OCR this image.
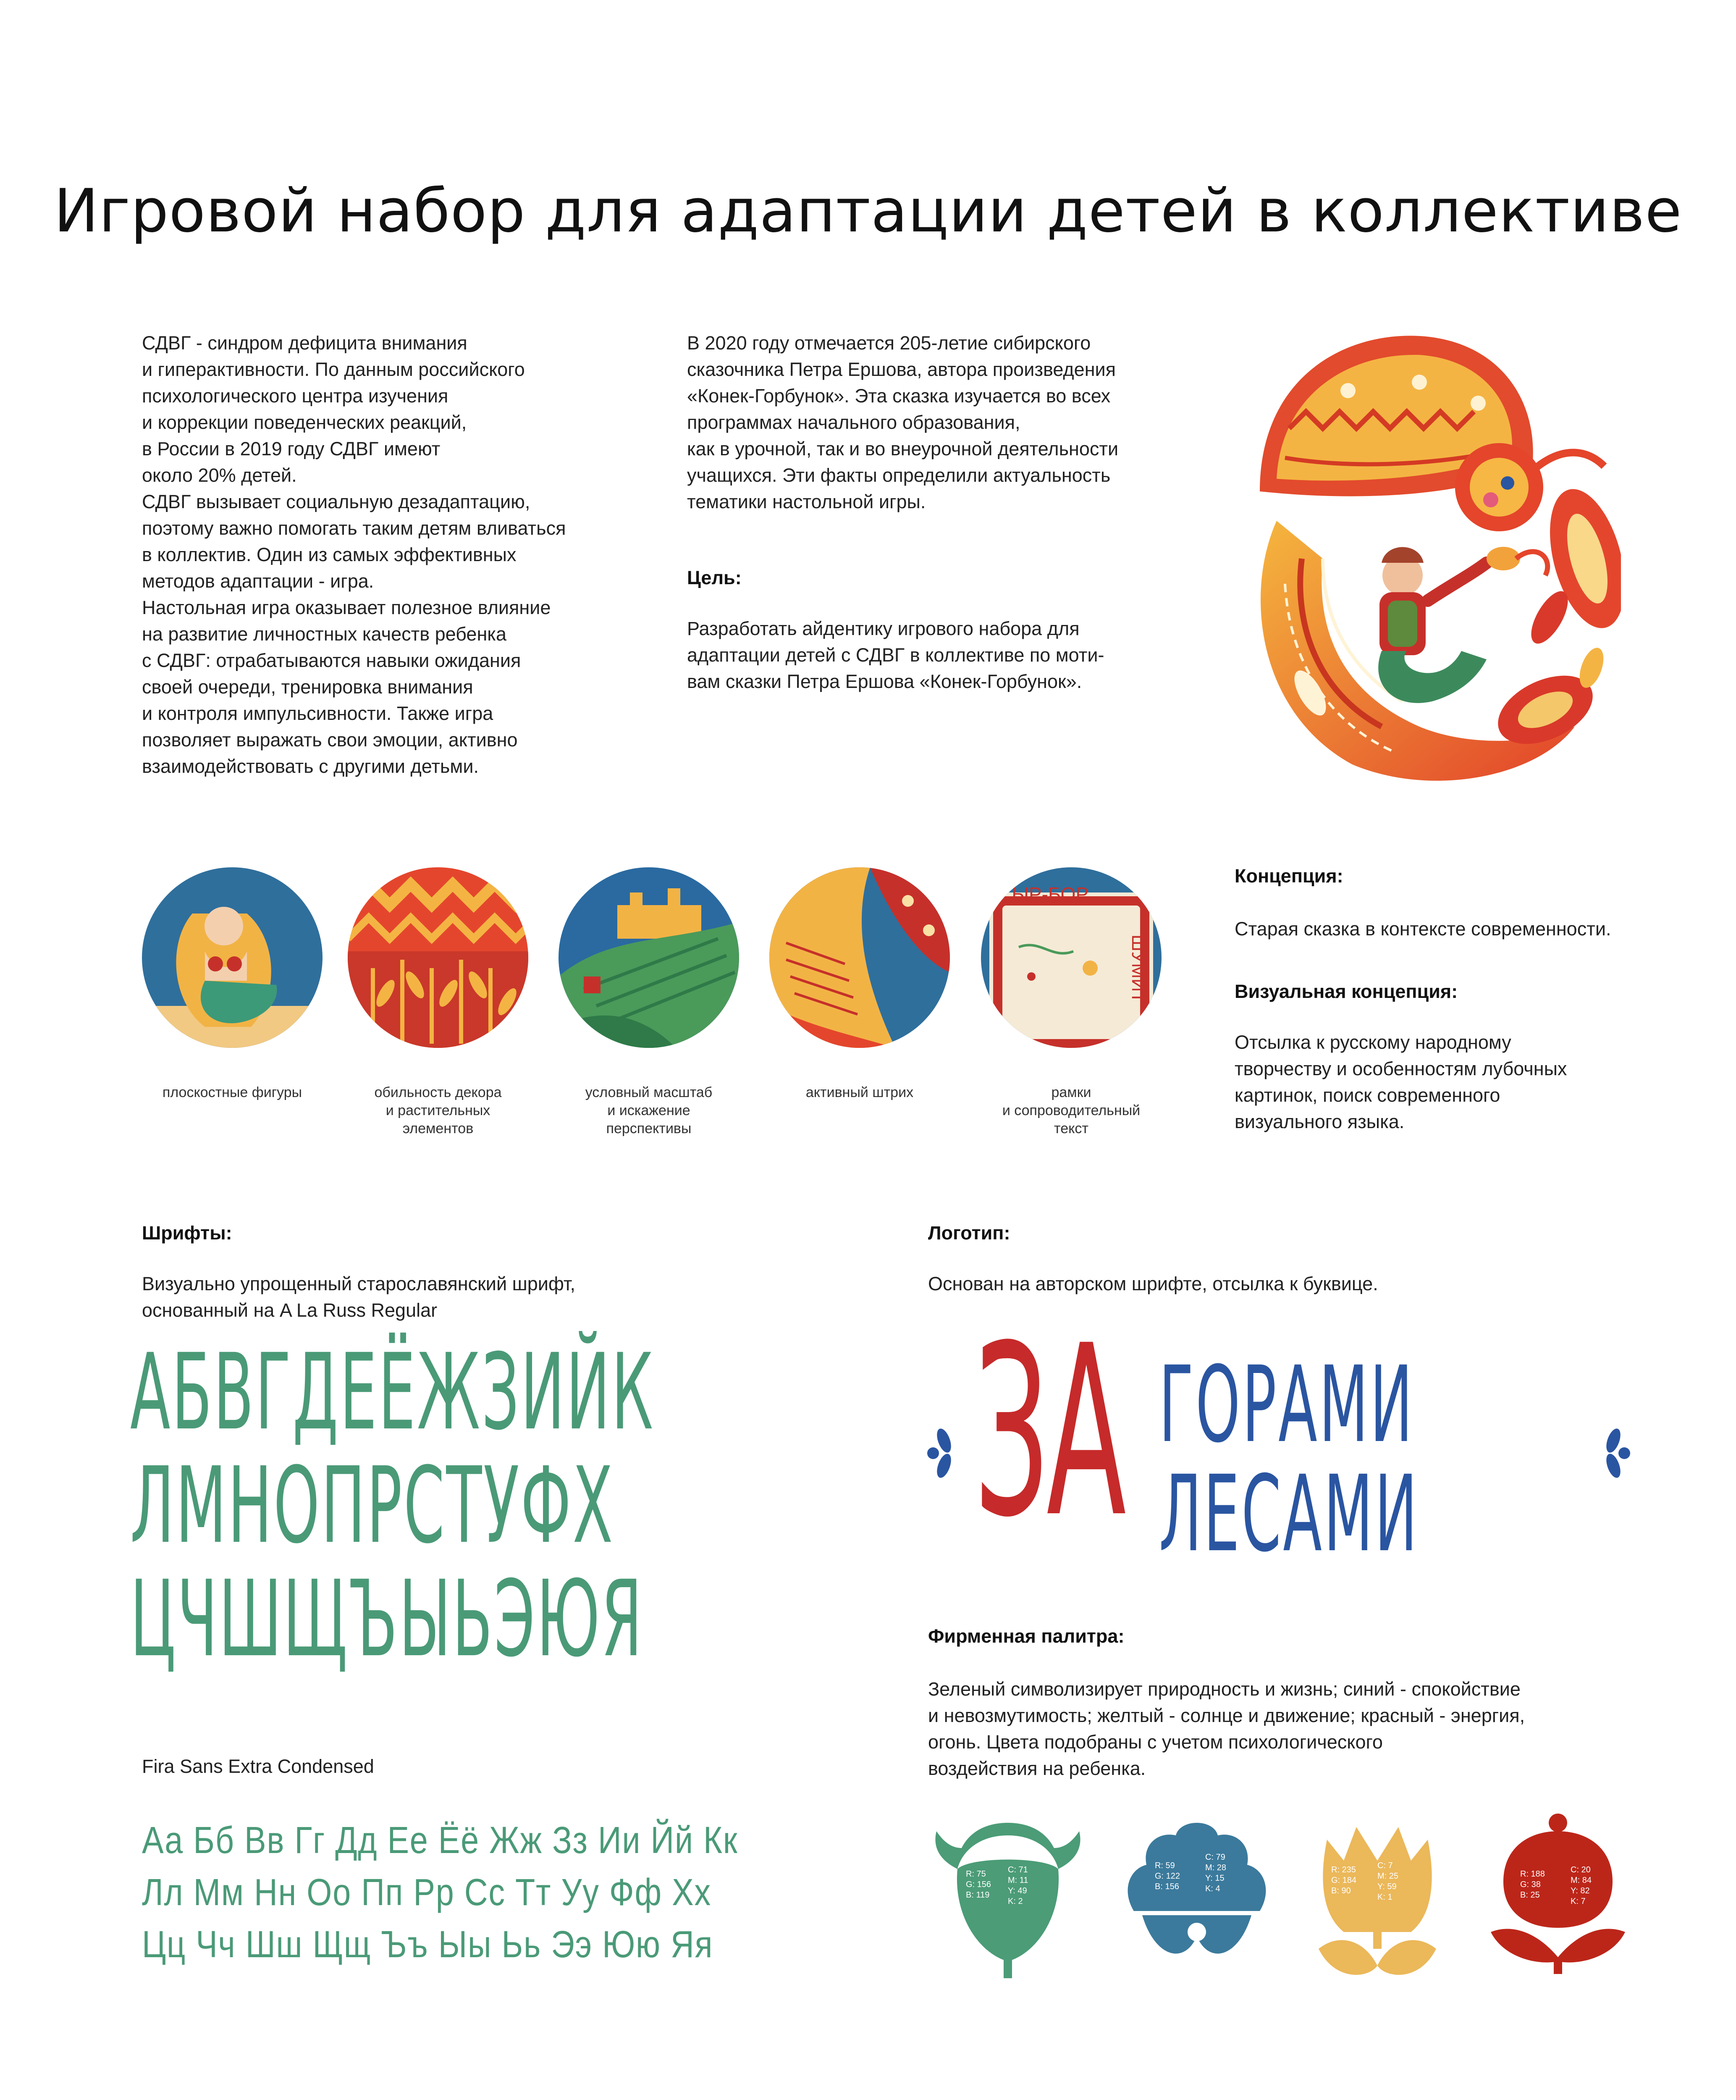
Игровой набор для адаптации детей в коллективе
СДВГ - синдром дефицита внимания
и гиперактивности. По данным российского
психологического центра изучения
и коррекции поведенческих реакций,
в России в 2019 году СДВГ имеют
около 20% детей.
СДВГ вызывает социальную дезадаптацию,
поэтому важно помогать таким детям вливаться
в коллектив. Один из самых эффективных
методов адаптации - игра.
Настольная игра оказывает полезное влияние
на развитие личностных качеств ребенка
с СДВГ: отрабатываются навыки ожидания
своей очереди, тренировка внимания
и контроля импульсивности. Также игра
позволяет выражать свои эмоции, активно
взаимодействовать с другими детьми.
В 2020 году отмечается 205-летие сибирского
сказочника Петра Ершова, автора произведения
«Конек-Горбунок». Эта сказка изучается во всех
программах начального образования,
как в урочной, так и во внеурочной деятельности
учащихся. Эти факты определили актуальность
тематики настольной игры.
Цель:
Разработать айдентику игрового набора для
адаптации детей с СДВГ в коллективе по моти-
вам сказки Петра Ершова «Конек-Горбунок».
СЫР-БОР
ШУМИТ
плоскостные фигуры	обильность декора
и растительных
элементов
условный масштаб
и искажение
перспективы
активный штрих	рамки
и сопроводительный
текст
Концепция:
Старая сказка в контексте современности.
Визуальная концепция:
Отсылка к русскому народному
творчеству и особенностям лубочных
картинок, поиск современного
визуального языка.
Шрифты:
Визуально упрощенный старославянский шрифт,
основанный на A La Russ Regular
АБВГДЕЁЖЗИЙК
ЛМНОПРСТУФХ
ЦЧШЩЪЫЬЭЮЯ
Fira Sans Extra Condensed
Аа Бб Вв Гг Дд Ее Ёё Жж Зз Ии Йй Кк
Лл Мм Нн Оо Пп Рр Сс Тт Уу Фф Хх
Цц Чч Шш Щщ Ъъ Ыы Ьь Ээ Юю Яя
Логотип:
Основан на авторском шрифте, отсылка к буквице.
ЗА ГОРАМИ
ЛЕСАМИ
Фирменная палитра:
Зеленый символизирует природность и жизнь; синий - спокойствие
и невозмутимость; желтый - солнце и движение; красный - энергия,
огонь. Цвета подобраны с учетом психологического
воздействия на ребенка.
R: 75
G: 156
B: 119
C: 71
M: 11
Y: 49
K: 2
R: 59
G: 122
B: 156
C: 79
M: 28
Y: 15
K: 4
R: 235
G: 184
B: 90
C: 7
M: 25
Y: 59
K: 1
R: 188
G: 38
B: 25
C: 20
M: 84
Y: 82
K: 7
